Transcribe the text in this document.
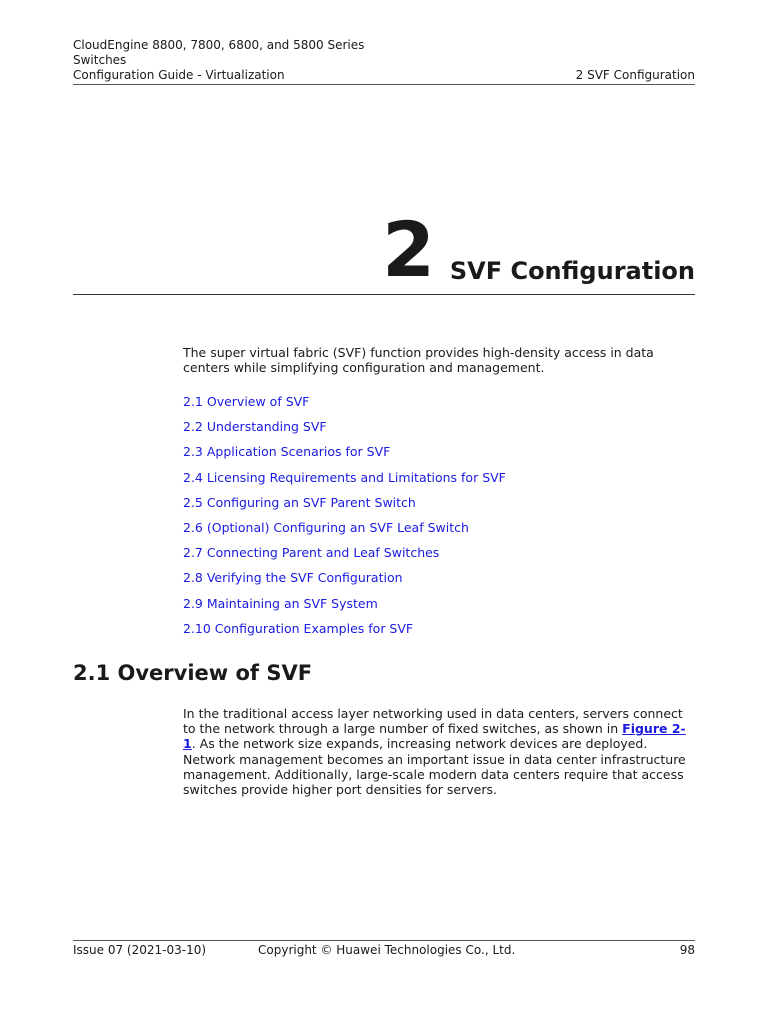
CloudEngine 8800, 7800, 6800, and 5800 Series
Switches
Configuration Guide - Virtualization	2 SVF Configuration
2 SVF Configuration

The super virtual fabric (SVF) function provides high-density access in data centers while simplifying configuration and management.

2.1 Overview of SVF
2.2 Understanding SVF
2.3 Application Scenarios for SVF
2.4 Licensing Requirements and Limitations for SVF
2.5 Configuring an SVF Parent Switch
2.6 (Optional) Configuring an SVF Leaf Switch
2.7 Connecting Parent and Leaf Switches
2.8 Verifying the SVF Configuration
2.9 Maintaining an SVF System
2.10 Configuration Examples for SVF
2.1 Overview of SVF

In the traditional access layer networking used in data centers, servers connect to the network through a large number of fixed switches, as shown in Figure 2-1. As the network size expands, increasing network devices are deployed. Network management becomes an important issue in data center infrastructure management. Additionally, large-scale modern data centers require that access switches provide higher port densities for servers.

Issue 07 (2021-03-10)	Copyright © Huawei Technologies Co., Ltd.	98
